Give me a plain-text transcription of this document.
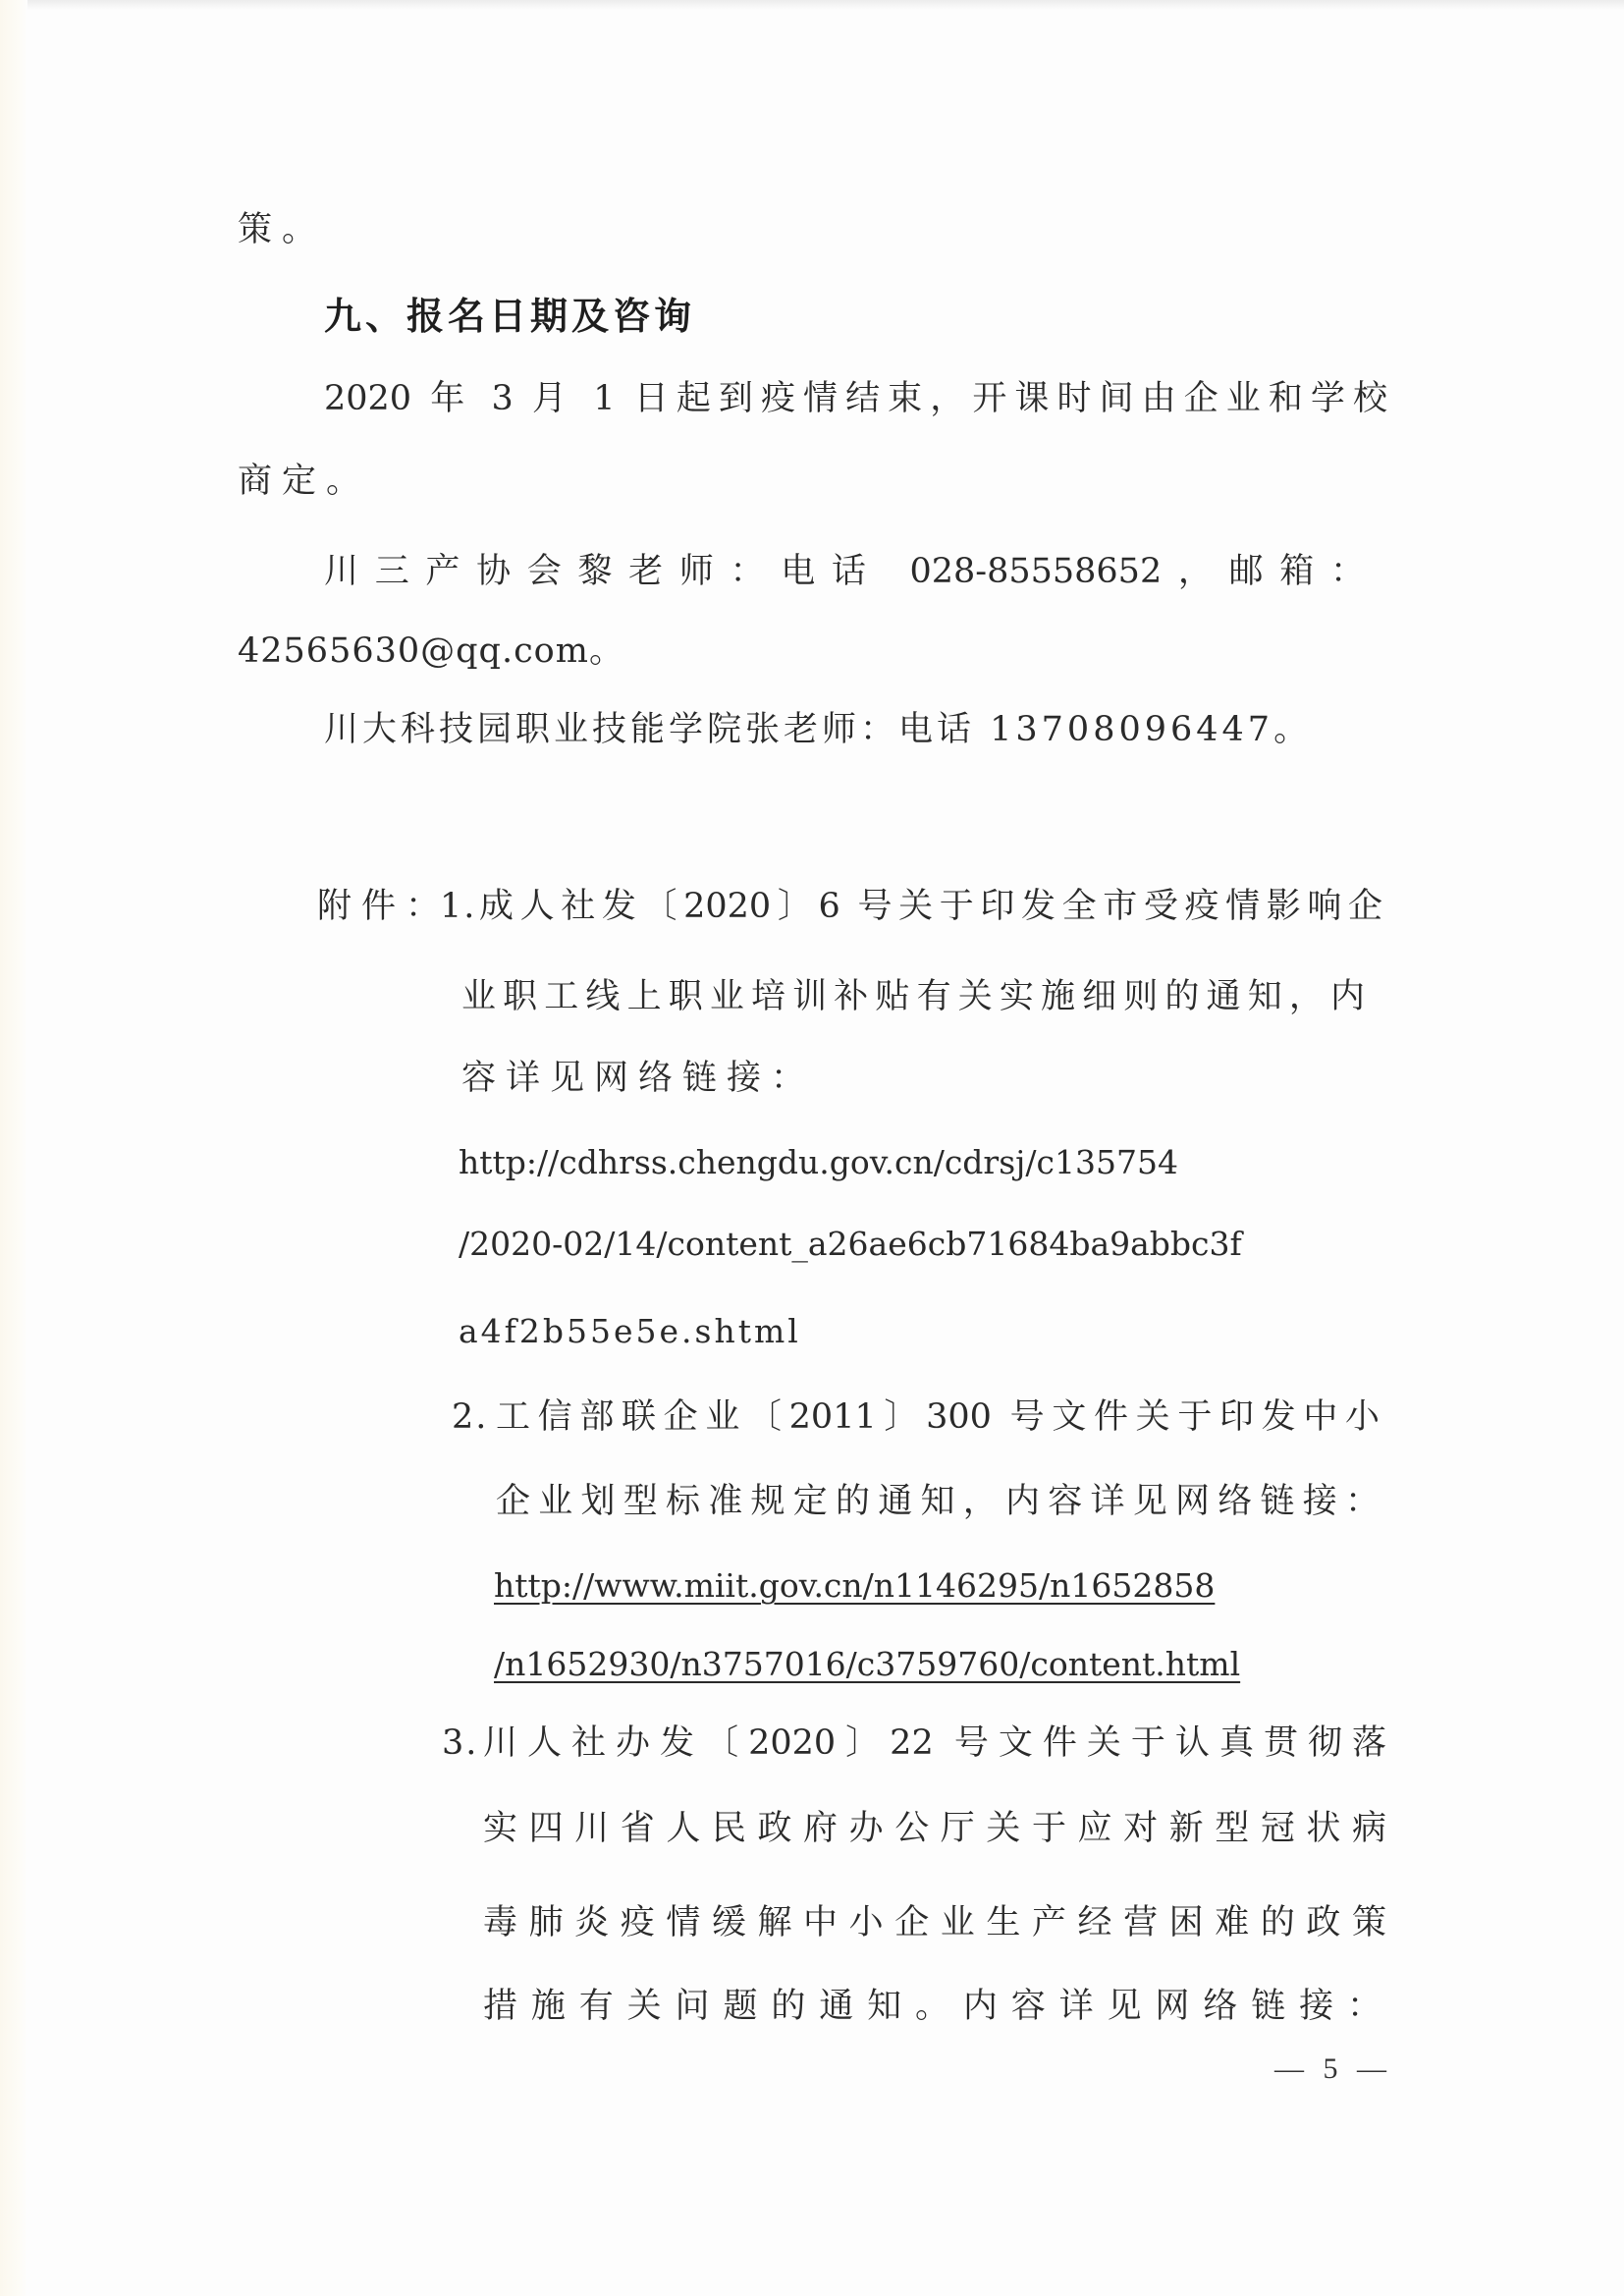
策。
九、报名日期及咨询
2020 年 3 月 1 日起到疫情结束，开课时间由企业和学校
商定。
川三产协会黎老师：电话 028-85558652，邮箱：
42565630@qq.com。
川大科技园职业技能学院张老师：电话 13708096447。
附件：
1. 成人社发〔2020〕6 号关于印发全市受疫情影响企
业职工线上职业培训补贴有关实施细则的通知，内
容详见网络链接：
http://cdhrss.chengdu.gov.cn/cdrsj/c135754
/2020-02/14/content_a26ae6cb71684ba9abbc3f
a4f2b55e5e.shtml
2. 工信部联企业〔2011〕300 号文件关于印发中小
企业划型标准规定的通知，内容详见网络链接：
http://www.miit.gov.cn/n1146295/n1652858
/n1652930/n3757016/c3759760/content.html
3. 川人社办发〔2020〕22 号文件关于认真贯彻落
实四川省人民政府办公厅关于应对新型冠状病
毒肺炎疫情缓解中小企业生产经营困难的政策
措施有关问题的通知。内容详见网络链接：
— 5 —
